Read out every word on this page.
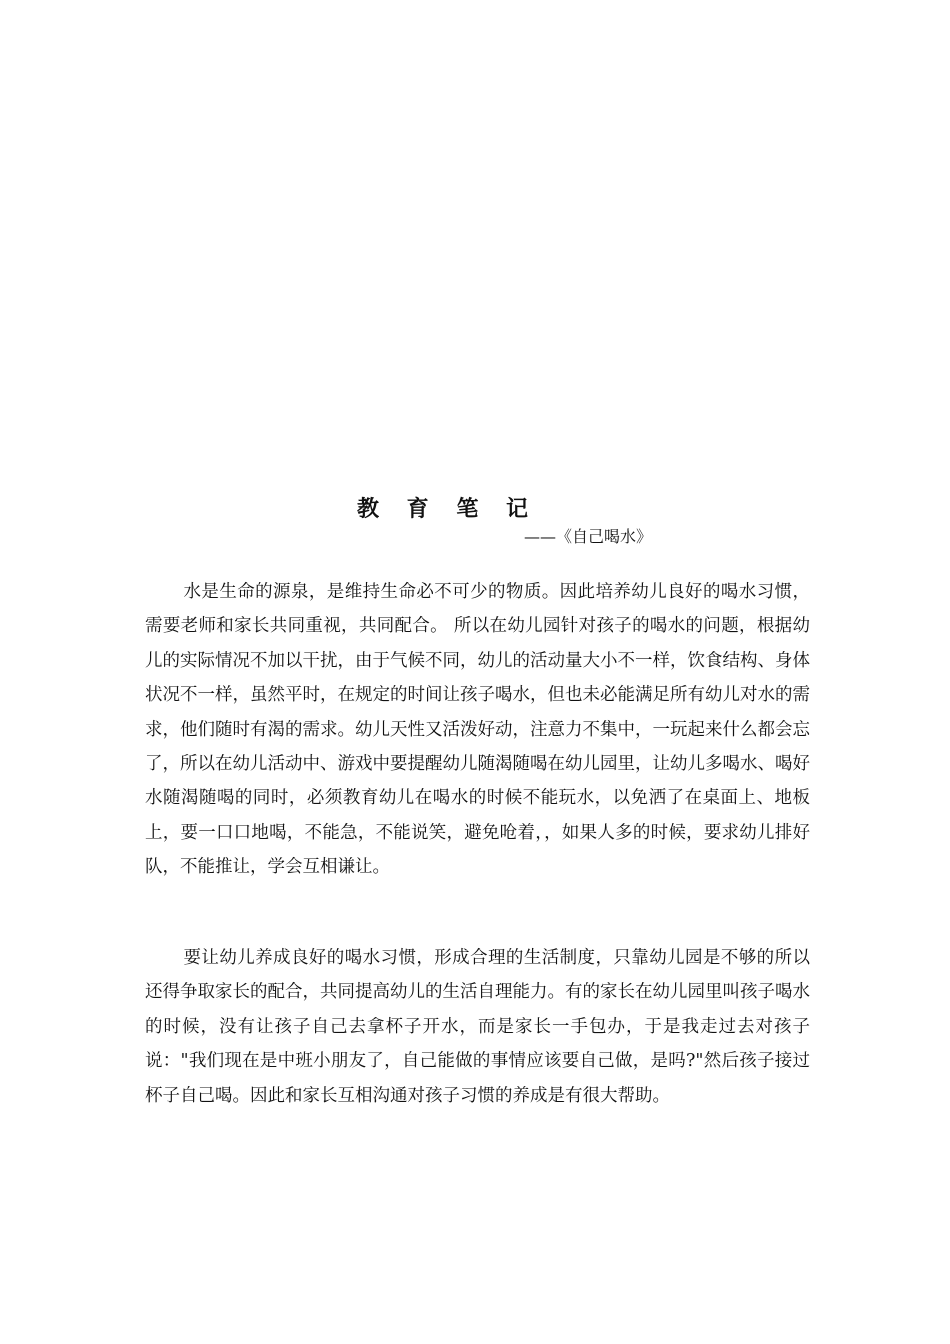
教 育 笔 记
——《自己喝水》

水是生命的源泉，是维持生命必不可少的物质。因此培养幼儿良好的喝水习惯，需要老师和家长共同重视，共同配合。 所以在幼儿园针对孩子的喝水的问题，根据幼儿的实际情况不加以干扰，由于气候不同，幼儿的活动量大小不一样，饮食结构、身体状况不一样，虽然平时，在规定的时间让孩子喝水，但也未必能满足所有幼儿对水的需求，他们随时有渴的需求。幼儿天性又活泼好动，注意力不集中，一玩起来什么都会忘了，所以在幼儿活动中、游戏中要提醒幼儿随渴随喝在幼儿园里，让幼儿多喝水、喝好水随渴随喝的同时，必须教育幼儿在喝水的时候不能玩水，以免洒了在桌面上、地板上，要一口口地喝，不能急，不能说笑，避免呛着，，如果人多的时候，要求幼儿排好队，不能推让，学会互相谦让。

要让幼儿养成良好的喝水习惯，形成合理的生活制度，只靠幼儿园是不够的所以还得争取家长的配合，共同提高幼儿的生活自理能力。有的家长在幼儿园里叫孩子喝水的时候，没有让孩子自己去拿杯子开水，而是家长一手包办，于是我走过去对孩子说："我们现在是中班小朋友了，自己能做的事情应该要自己做，是吗?"然后孩子接过杯子自己喝。因此和家长互相沟通对孩子习惯的养成是有很大帮助。
